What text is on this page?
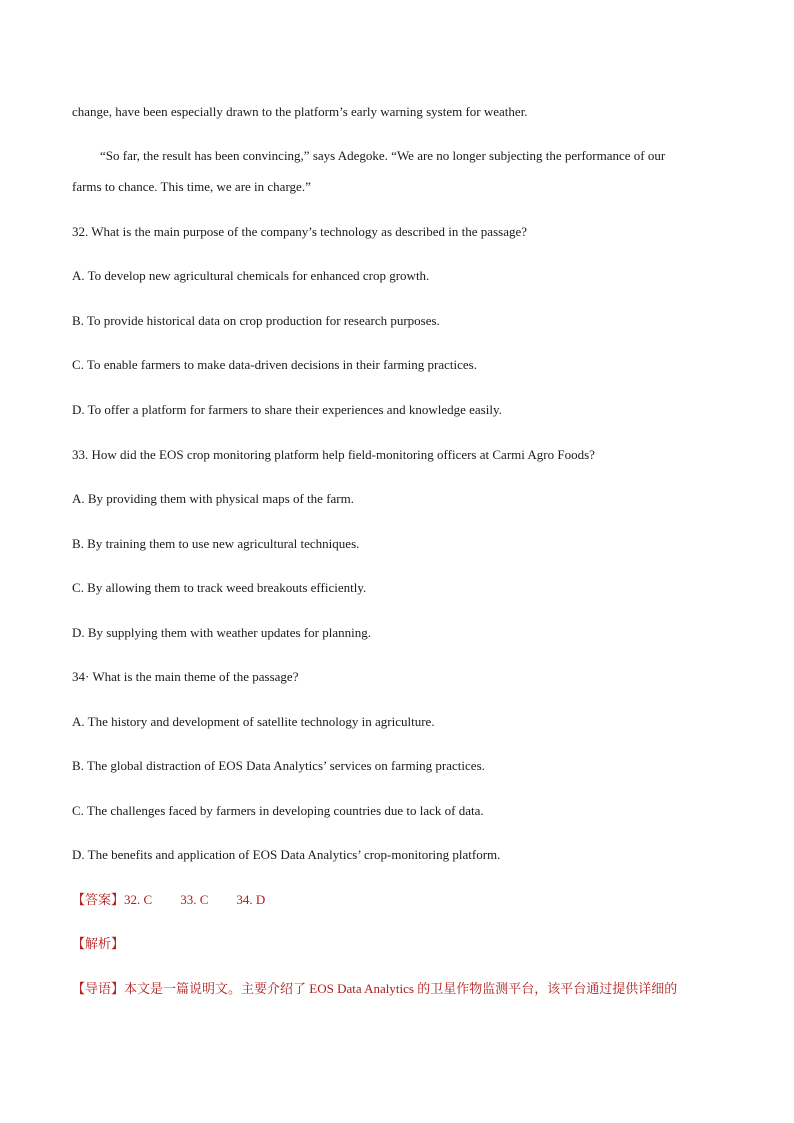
change, have been especially drawn to the platform’s early warning system for weather.
“So far, the result has been convincing,” says Adegoke. “We are no longer subjecting the performance of our
farms to chance. This time, we are in charge.”
32. What is the main purpose of the company’s technology as described in the passage?
A. To develop new agricultural chemicals for enhanced crop growth.
B. To provide historical data on crop production for research purposes.
C. To enable farmers to make data-driven decisions in their farming practices.
D. To offer a platform for farmers to share their experiences and knowledge easily.
33. How did the EOS crop monitoring platform help field-monitoring officers at Carmi Agro Foods?
A. By providing them with physical maps of the farm.
B. By training them to use new agricultural techniques.
C. By allowing them to track weed breakouts efficiently.
D. By supplying them with weather updates for planning.
34· What is the main theme of the passage?
A. The history and development of satellite technology in agriculture.
B. The global distraction of EOS Data Analytics’ services on farming practices.
C. The challenges faced by farmers in developing countries due to lack of data.
D. The benefits and application of EOS Data Analytics’ crop-monitoring platform.
【答案】32. C 33. C 34. D
【解析】
【导语】本文是一篇说明文。主要介绍了 EOS Data Analytics 的卫星作物监测平台，该平台通过提供详细的
